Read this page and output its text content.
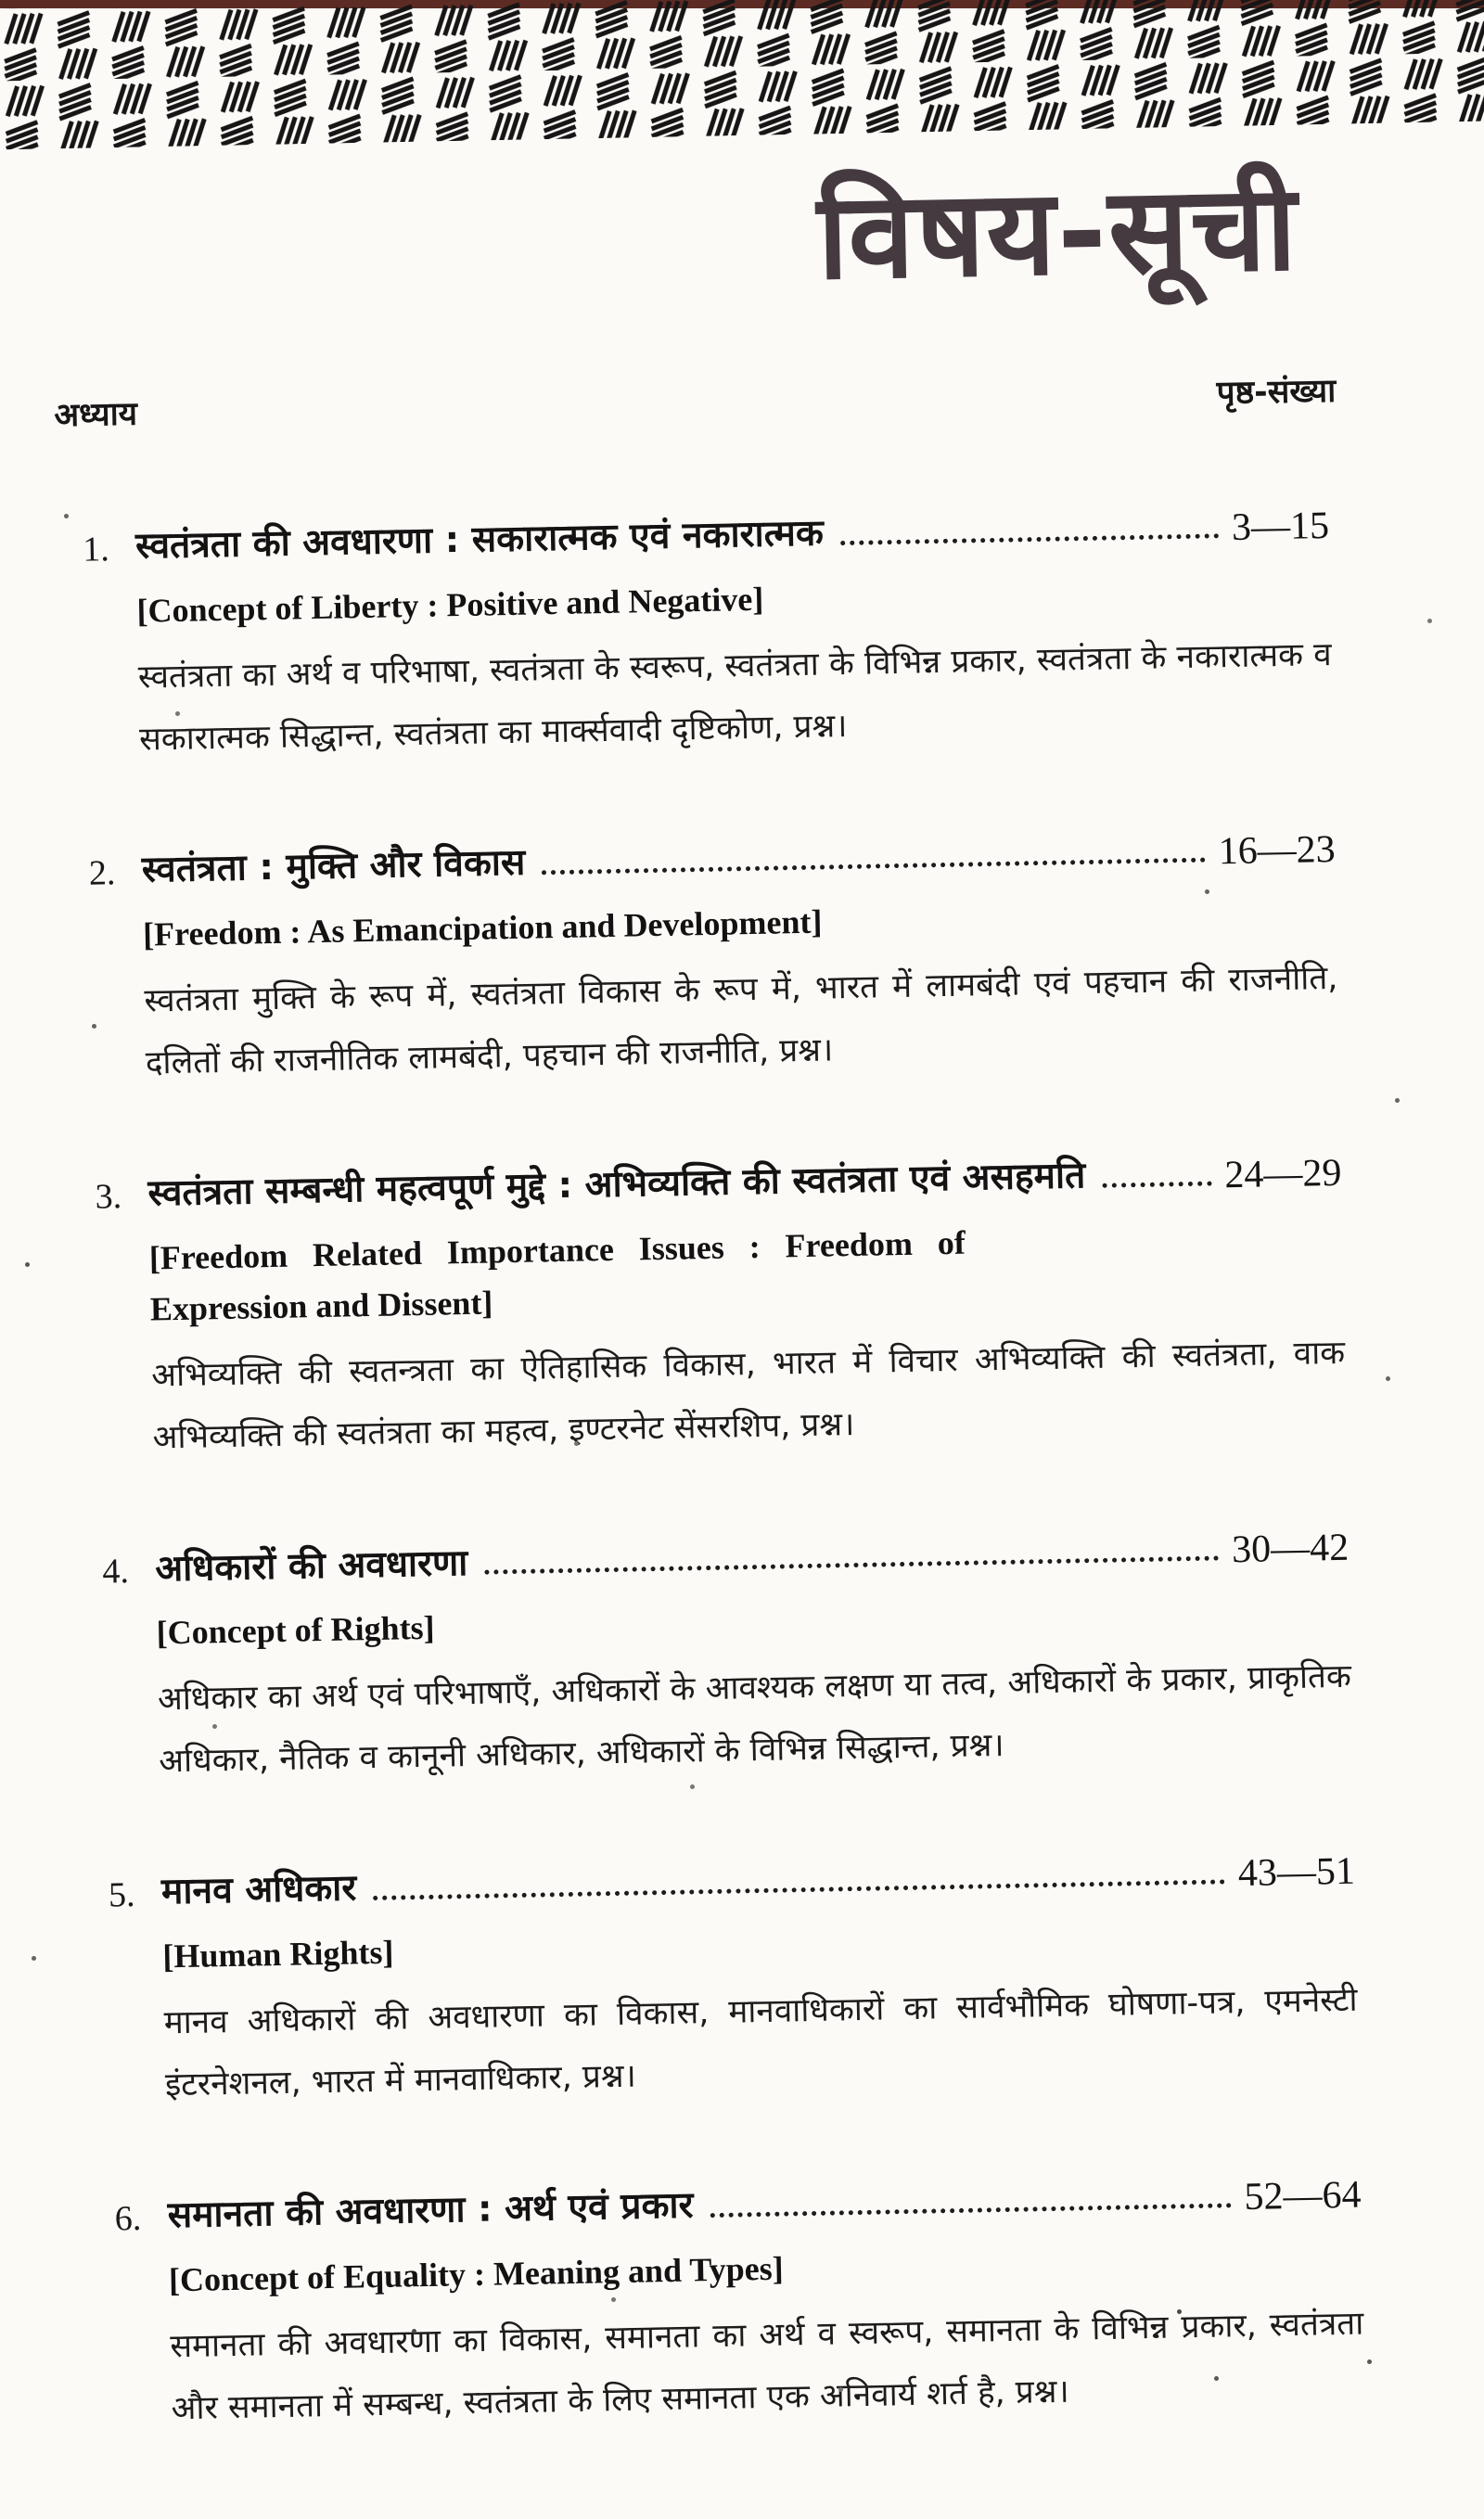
विषय-सूची
अध्याय
पृष्ठ-संख्या
1. स्वतंत्रता की अवधारणा : सकारात्मक एवं नकारात्मक	3—15
[Concept of Liberty : Positive and Negative]
स्वतंत्रता का अर्थ व परिभाषा, स्वतंत्रता के स्वरूप, स्वतंत्रता के विभिन्न प्रकार, स्वतंत्रता के नकारात्मक व सकारात्मक सिद्धान्त, स्वतंत्रता का मार्क्सवादी दृष्टिकोण, प्रश्न।
2. स्वतंत्रता : मुक्ति और विकास	16—23
[Freedom : As Emancipation and Development]
स्वतंत्रता मुक्ति के रूप में, स्वतंत्रता विकास के रूप में, भारत में लामबंदी एवं पहचान की राजनीति, दलितों की राजनीतिक लामबंदी, पहचान की राजनीति, प्रश्न।
3. स्वतंत्रता सम्बन्धी महत्वपूर्ण मुद्दे : अभिव्यक्ति की स्वतंत्रता एवं असहमति	24—29
[Freedom Related Importance Issues : Freedom of Expression and Dissent]
अभिव्यक्ति की स्वतन्त्रता का ऐतिहासिक विकास, भारत में विचार अभिव्यक्ति की स्वतंत्रता, वाक अभिव्यक्ति की स्वतंत्रता का महत्व, इण्टरनेट सेंसरशिप, प्रश्न।
4. अधिकारों की अवधारणा	30—42
[Concept of Rights]
अधिकार का अर्थ एवं परिभाषाएँ, अधिकारों के आवश्यक लक्षण या तत्व, अधिकारों के प्रकार, प्राकृतिक अधिकार, नैतिक व कानूनी अधिकार, अधिकारों के विभिन्न सिद्धान्त, प्रश्न।
5. मानव अधिकार	43—51
[Human Rights]
मानव अधिकारों की अवधारणा का विकास, मानवाधिकारों का सार्वभौमिक घोषणा-पत्र, एमनेस्टी इंटरनेशनल, भारत में मानवाधिकार, प्रश्न।
6. समानता की अवधारणा : अर्थ एवं प्रकार	52—64
[Concept of Equality : Meaning and Types]
समानता की अवधारणा का विकास, समानता का अर्थ व स्वरूप, समानता के विभिन्न प्रकार, स्वतंत्रता और समानता में सम्बन्ध, स्वतंत्रता के लिए समानता एक अनिवार्य शर्त है, प्रश्न।
